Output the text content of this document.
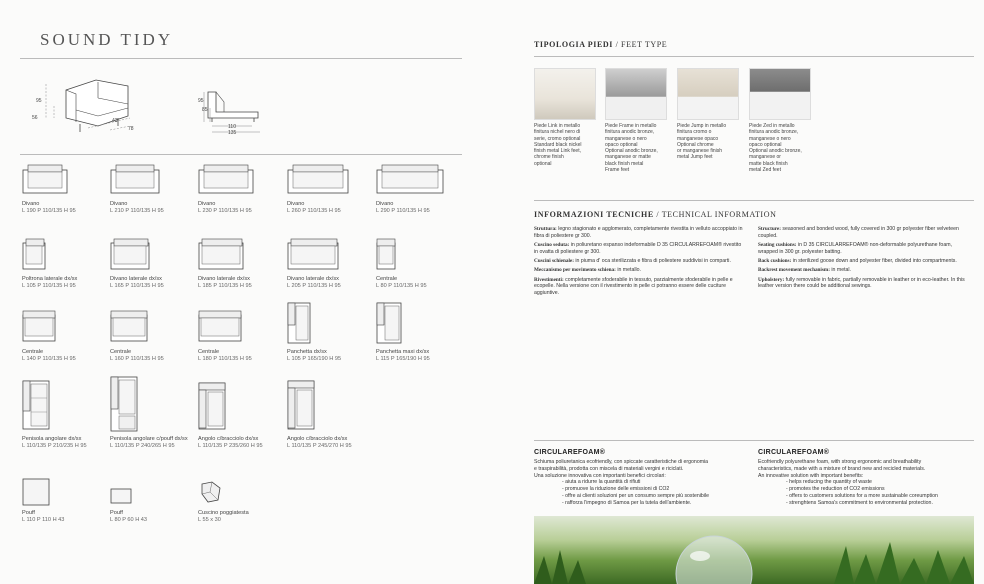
SOUND TIDY
95
56	43
78
95
85
110
135
Divano
L 190 P 110/135 H 95
Divano
L 210 P 110/135 H 95
Divano
L 230 P 110/135 H 95
Divano
L 260 P 110/135 H 95
Divano
L 290 P 110/135 H 95
Poltrona laterale dx/sx
L 105 P 110/135 H 95
Divano laterale dx/sx
L 165 P 110/135 H 95
Divano laterale dx/sx
L 185 P 110/135 H 95
Divano laterale dx/sx
L 205 P 110/135 H 95
Centrale
L 80 P 110/135 H 95
Centrale
L 140 P 110/135 H 95
Centrale
L 160 P 110/135 H 95
Centrale
L 180 P 110/135 H 95
Panchetta dx/sx
L 105 P 165/190 H 95
Panchetta maxi dx/sx
L 115 P 165/190 H 95
Penisola angolare dx/sx
L 110/135 P 210/235 H 95
Penisola angolare c/pouff dx/sx
L 110/135 P 240/265 H 95
Angolo c/bracciolo dx/sx
L 110/135 P 235/260 H 95
Angolo c/bracciolo dx/sx
L 110/135 P 245/270 H 95
Pouff
L 110 P 110 H 43
Pouff
L 80 P 60 H 43
Cuscino poggiatesta
L 55 x 30
TIPOLOGIA PIEDI / FEET TYPE
Piede Link in metallo
finitura nichel nero di
serie, cromo optional
Standard black nickel
finish metal Link feet,
chrome finish
optional
Piede Frame in metallo
finitura anodic bronze,
manganese o nero
opaco optional
Optional anodic bronze,
manganese or matte
black finish metal
Frame feet
Piede Jump in metallo
finitura cromo o
manganese opaco
Optional chrome
or manganese finish
metal Jump feet
Piede Zed in metallo
finitura anodic bronze,
manganese o nero
opaco optional
Optional anodic bronze,
manganese or
matte black finish
metal Zed feet
INFORMAZIONI TECNICHE / TECHNICAL INFORMATION

Struttura: legno stagionato e agglomerato, completamente rivestita in velluto accoppiato in fibra di poliestere gr 300.

Cuscino seduta: in poliuretano espanso indeformabile D 35 CIRCULARREFOAM® rivestito in ovatta di poliestere gr 300.

Cuscini schienale: in piuma d' oca sterilizzata e fibra di poliestere suddivisi in comparti.

Meccanismo per movimento schiena: in metallo.

Rivestimenti: completamente sfoderabile in tessuto, parzialmente sfoderabile in pelle e ecopelle. Nella versione con il rivestimento in pelle ci potranno essere delle cuciture aggiuntive.

Structure: seasoned and bonded wood, fully covered in 300 gr polyester fiber velveteen coupled.

Seating cushions: in D 35 CIRCULARREFOAM® non-deformable polyurethane foam, wrapped in 300 gr. polyester batting.

Back cushions: in sterilized goose down and polyester fiber, divided into compartments.

Backrest movement mechanism: in metal.

Upholstery: fully removable in fabric, partially removable in leather or in eco-leather. In this leather version there could be additional sewings.

CIRCULAREFOAM®
Schiuma poliuretanica ecofriendly, con spiccate caratteristiche di ergonomia
e traspirabilità, prodotta con miscela di materiali vergini e riciclati.
Una soluzione innovativa con importanti benefici circolari:
- aiuta a ridurre la quantità di rifiuti
- promuove la riduzione delle emissioni di CO2
- offre ai clienti soluzioni per un consumo sempre più sostenibile
- rafforza l'impegno di Samoa per la tutela dell'ambiente.
CIRCULAREFOAM®
Ecofriendly polyurethane foam, with strong ergonomic and breathability
characteristics, made with a mixture of brand new and recicled materials.
An innovative solution with important benefits:
- helps reducing the quantity of waste
- promotes the reduction of CO2 emissions
- offers to customers solutions for a more sustainable coreumption
- strenghtens Samoa's commitment to environmental protection.
